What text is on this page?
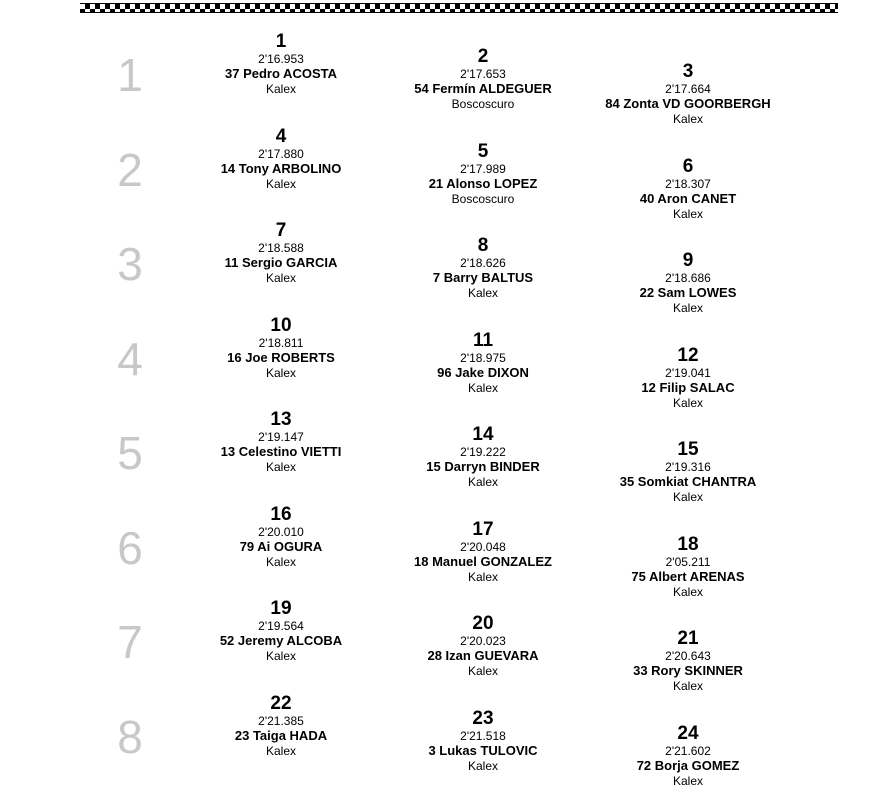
1
2
3
4
5
6
7
8
1
2'16.953
37 Pedro ACOSTA
Kalex
2
2'17.653
54 Fermín ALDEGUER
Boscoscuro
3
2'17.664
84 Zonta VD GOORBERGH
Kalex
4
2'17.880
14 Tony ARBOLINO
Kalex
5
2'17.989
21 Alonso LOPEZ
Boscoscuro
6
2'18.307
40 Aron CANET
Kalex
7
2'18.588
11 Sergio GARCIA
Kalex
8
2'18.626
7 Barry BALTUS
Kalex
9
2'18.686
22 Sam LOWES
Kalex
10
2'18.811
16 Joe ROBERTS
Kalex
11
2'18.975
96 Jake DIXON
Kalex
12
2'19.041
12 Filip SALAC
Kalex
13
2'19.147
13 Celestino VIETTI
Kalex
14
2'19.222
15 Darryn BINDER
Kalex
15
2'19.316
35 Somkiat CHANTRA
Kalex
16
2'20.010
79 Ai OGURA
Kalex
17
2'20.048
18 Manuel GONZALEZ
Kalex
18
2'05.211
75 Albert ARENAS
Kalex
19
2'19.564
52 Jeremy ALCOBA
Kalex
20
2'20.023
28 Izan GUEVARA
Kalex
21
2'20.643
33 Rory SKINNER
Kalex
22
2'21.385
23 Taiga HADA
Kalex
23
2'21.518
3 Lukas TULOVIC
Kalex
24
2'21.602
72 Borja GOMEZ
Kalex
